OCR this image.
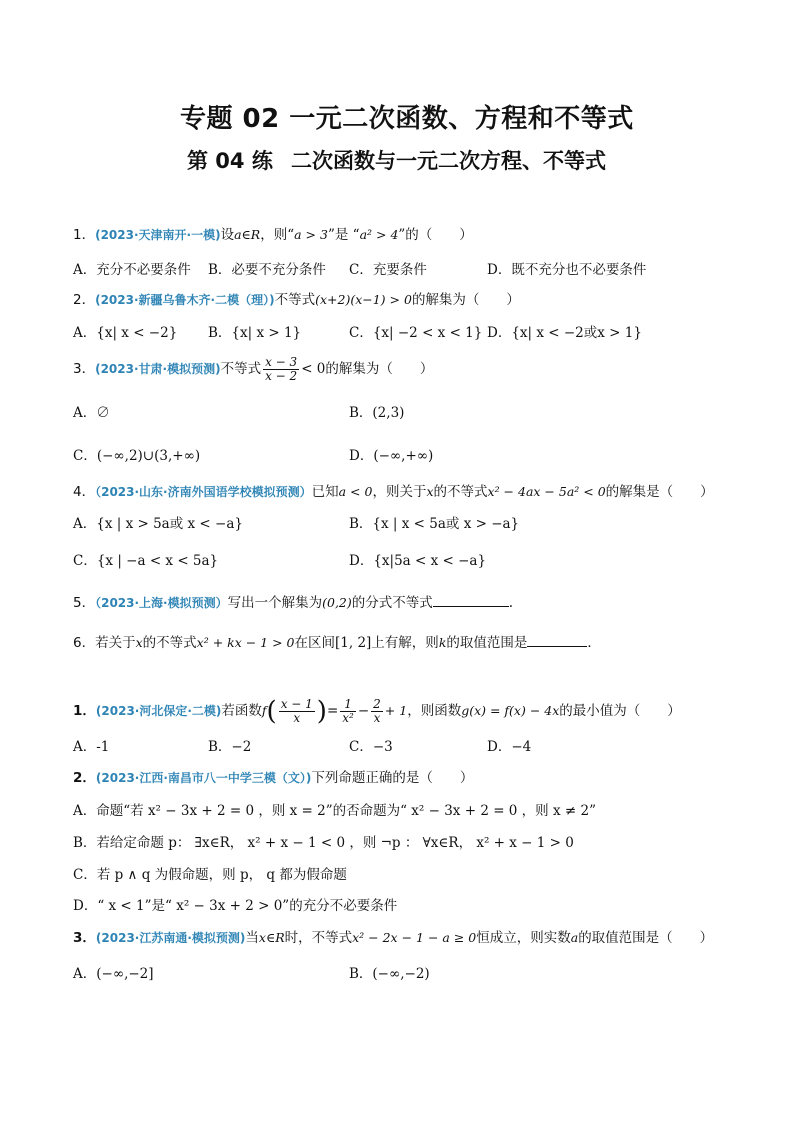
专题 02 一元二次函数、方程和不等式
第 04 练 二次函数与一元二次方程、不等式
1．(2023·天津南开·一模)设a∈R，则“a > 3”是 “a² > 4”的（　　）
A．充分不必要条件 B．必要不充分条件 C．充要条件	D．既不充分也不必要条件
2．(2023·新疆乌鲁木齐·二模（理）)不等式(x+2)(x−1) > 0的解集为（　　）
A．{x| x < −2} B．{x| x > 1}	C．{x| −2 < x < 1} D．{x| x < −2或x > 1}
3．(2023·甘肃·模拟预测)不等式 $\frac{x - 3}{x - 2} < 0$的解集为（　　）
A．∅	B．(2,3)
C．(−∞,2)∪(3,+∞)	D．(−∞,+∞)
4．（2023·山东·济南外国语学校模拟预测）已知a < 0，则关于x的不等式x² − 4ax − 5a² < 0的解集是（　　）
A．{x | x > 5a或 x < −a}	B．{x | x < 5a或 x > −a}
C．{x | −a < x < 5a}	D．{x|5a < x < −a}
5．（2023·上海·模拟预测）写出一个解集为(0,2)的分式不等式	.
6．若关于x的不等式x² + kx − 1 > 0在区间[1, 2]上有解，则k的取值范围是	．
1．(2023·河北保定·二模)若函数$f( \frac{x - 1}{x}$ )= $\frac{1}{\text{x²}} - \frac{2}{x} + 1$，则函数g(x) = f(x) − 4x的最小值为（　　）
A．-1	B．−2	C．−3	D．−4
2．(2023·江西·南昌市八一中学三模（文）)下列命题正确的是（　　）
A．命题“若 x² − 3x + 2 = 0 ，则 x = 2”的否命题为“ x² − 3x + 2 = 0 ，则 x ≠ 2”
B．若给定命题 p： ∃x∈R， x² + x − 1 < 0 ，则 ¬p ： ∀x∈R， x² + x − 1 > 0
C．若 p ∧ q 为假命题，则 p， q 都为假命题
D．“ x < 1”是“ x² − 3x + 2 > 0”的充分不必要条件
3．(2023·江苏南通·模拟预测)当x∈R时，不等式x² − 2x − 1 − a ≥ 0恒成立，则实数a的取值范围是（　　）
A．(−∞,−2]	B．(−∞,−2)
